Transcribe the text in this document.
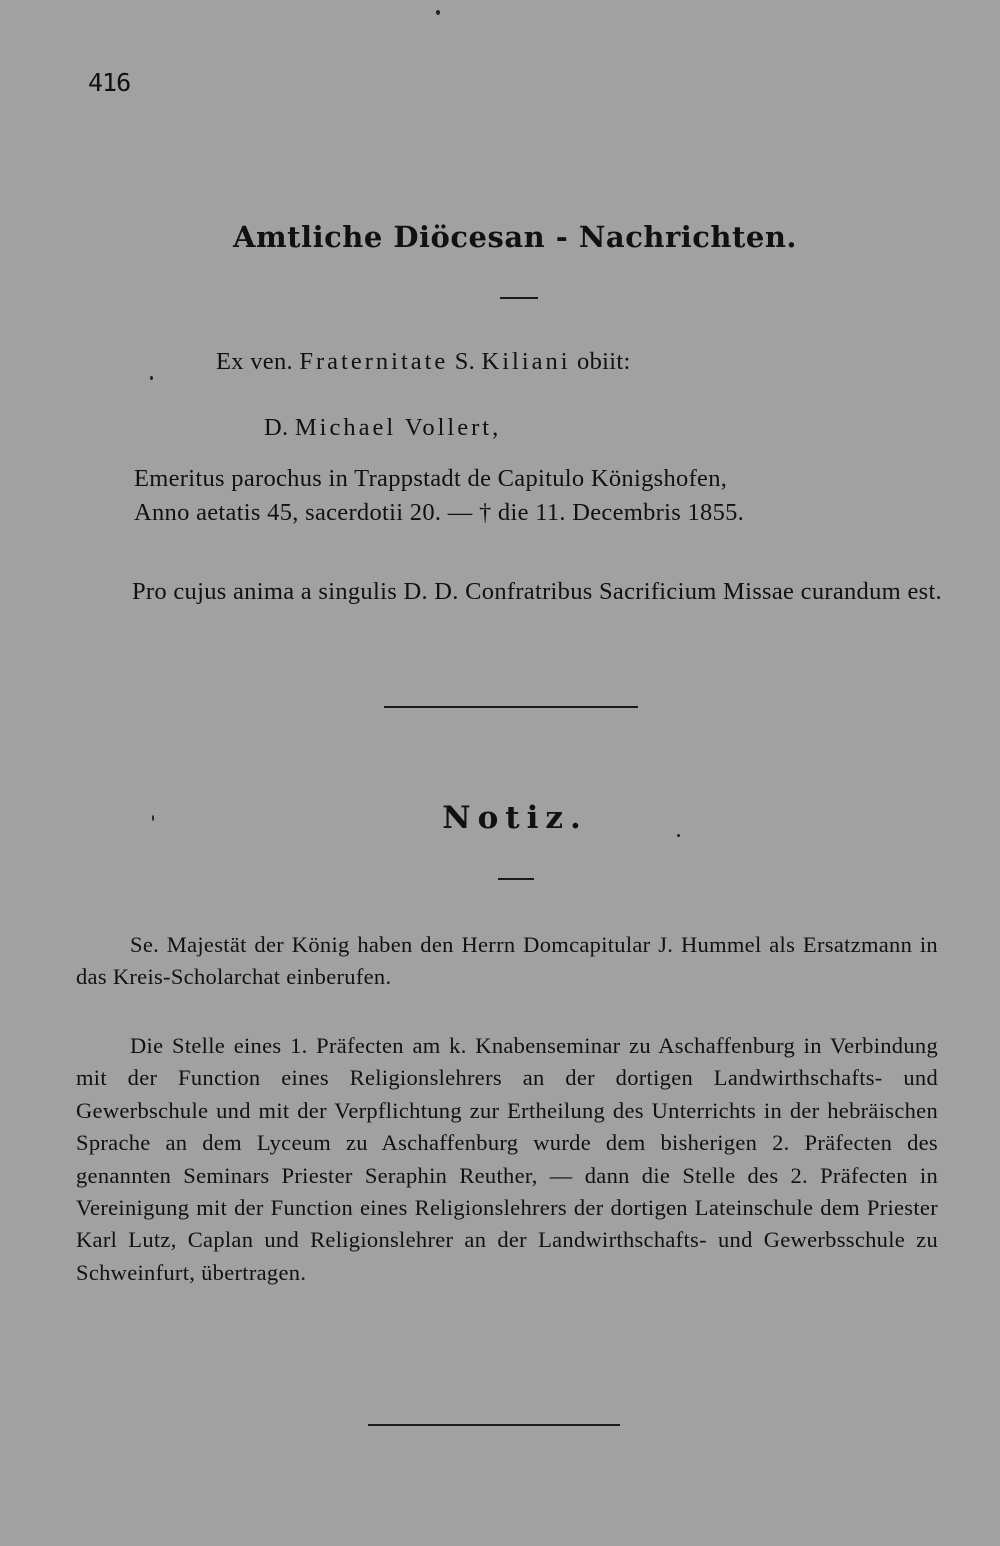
416
Amtliche Diöcesan - Nachrichten.
Ex ven. Fraternitate S. Kiliani obiit:
D. Michael Vollert,
Emeritus parochus in Trappstadt de Capitulo Königshofen,
Anno aetatis 45, sacerdotii 20. — † die 11. Decembris 1855.
Pro cujus anima a singulis D. D. Confratribus Sacrificium Missae curandum est.
Notiz.
Se. Majestät der König haben den Herrn Domcapitular J. Hummel als Ersatzmann in das Kreis-Scholarchat einberufen.
Die Stelle eines 1. Präfecten am k. Knabenseminar zu Aschaffenburg in Verbindung mit der Function eines Religionslehrers an der dortigen Landwirthschafts- und Gewerbschule und mit der Verpflichtung zur Ertheilung des Unterrichts in der hebräischen Sprache an dem Lyceum zu Aschaffenburg wurde dem bisherigen 2. Präfecten des genannten Seminars Priester Seraphin Reuther, — dann die Stelle des 2. Präfecten in Vereinigung mit der Function eines Religionslehrers der dortigen Lateinschule dem Priester Karl Lutz, Caplan und Religionslehrer an der Landwirthschafts- und Gewerbsschule zu Schweinfurt, übertragen.
